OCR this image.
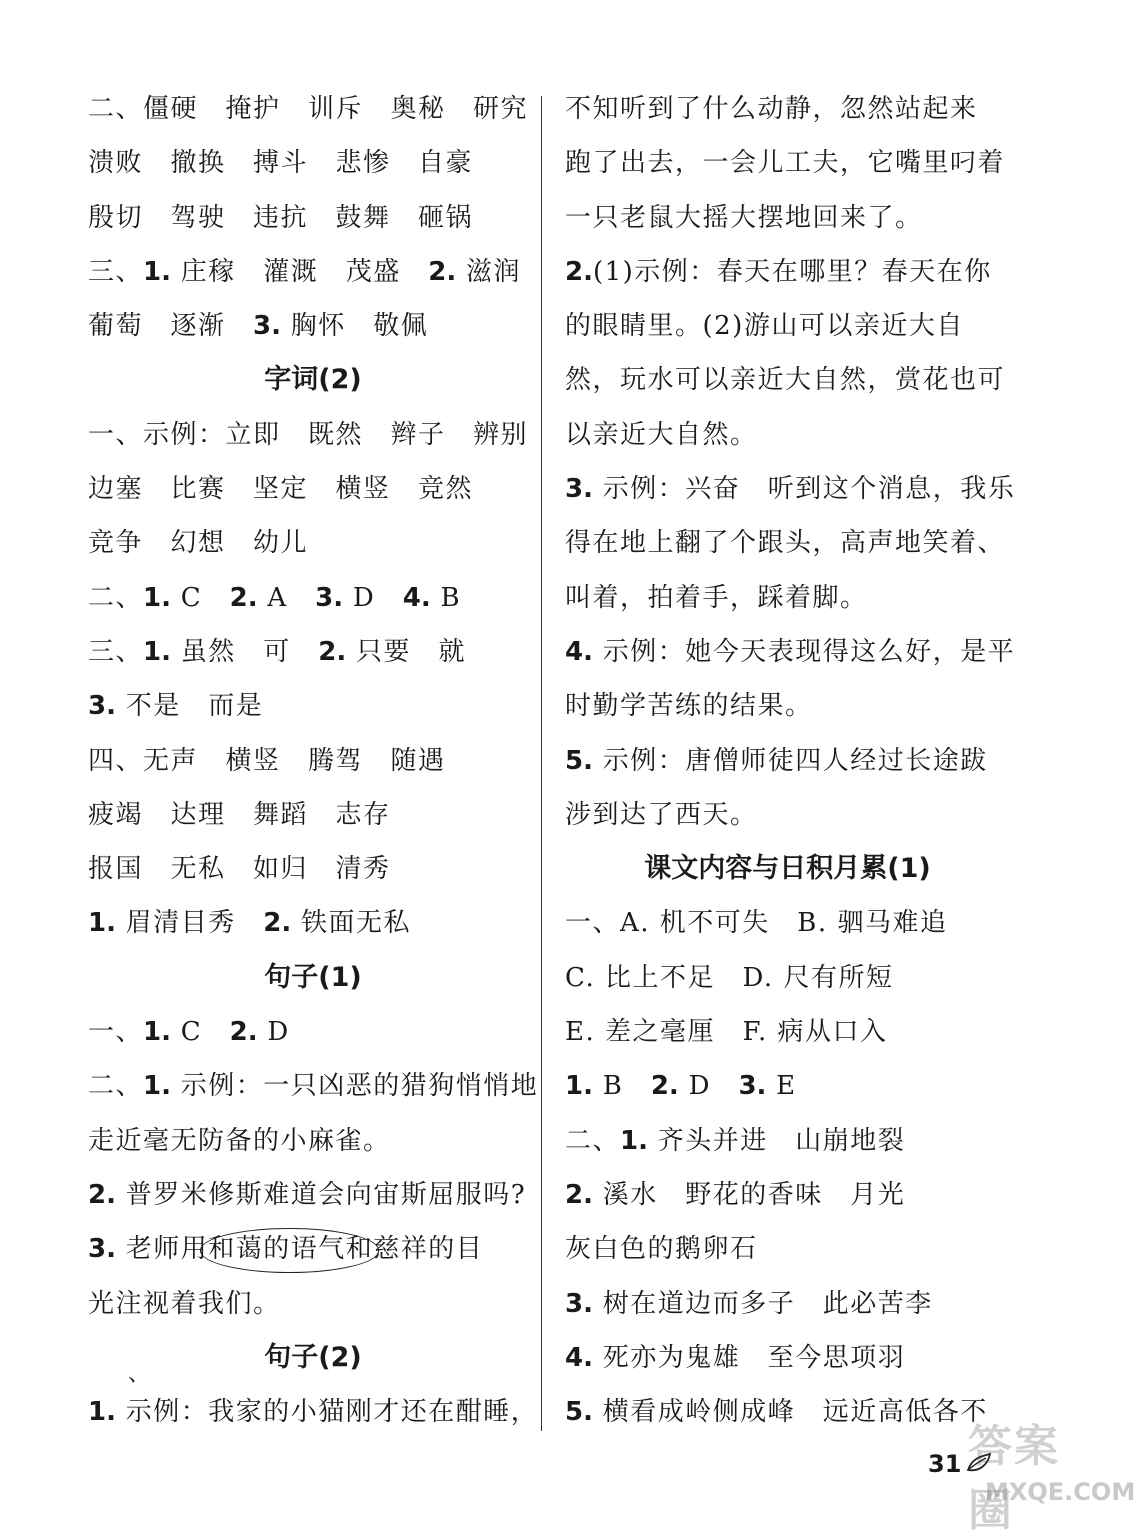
二、僵硬　掩护　训斥　奥秘　研究
溃败　撤换　搏斗　悲惨　自豪
殷切　驾驶　违抗　鼓舞　砸锅
三、1. 庄稼　灌溉　茂盛　2. 滋润
葡萄　逐渐　3. 胸怀　敬佩
字词(2)
一、示例：立即　既然　辫子　辨别
边塞　比赛　坚定　横竖　竞然
竞争　幻想　幼儿
二、1. C　2. A　3. D　4. B
三、1. 虽然　可　2. 只要　就
3. 不是　而是
四、无声　横竖　腾驾　随遇
疲竭　达理　舞蹈　志存
报国　无私　如归　清秀
1. 眉清目秀　2. 铁面无私
句子(1)
一、1. C　2. D
二、1. 示例：一只凶恶的猎狗悄悄地
走近毫无防备的小麻雀。
2. 普罗米修斯难道会向宙斯屈服吗?
3. 老师用
和蔼的语气和慈祥的目
光注视着我们。
句子(2)
1. 示例：我家的小猫刚才还在酣睡，
、
不知听到了什么动静，忽然站起来
跑了出去，一会儿工夫，它嘴里叼着
一只老鼠大摇大摆地回来了。
2.(1)示例：春天在哪里？春天在你
的眼睛里。(2)游山可以亲近大自
然，玩水可以亲近大自然，赏花也可
以亲近大自然。
3. 示例：兴奋　听到这个消息，我乐
得在地上翻了个跟头，高声地笑着、
叫着，拍着手，踩着脚。
4. 示例：她今天表现得这么好，是平
时勤学苦练的结果。
5. 示例：唐僧师徒四人经过长途跋
涉到达了西天。
课文内容与日积月累(1)
一、A. 机不可失　B. 驷马难追
C. 比上不足　D. 尺有所短
E. 差之毫厘　F. 病从口入
1. B　2. D　3. E
二、1. 齐头并进　山崩地裂
2. 溪水　野花的香味　月光
灰白色的鹅卵石
3. 树在道边而多子　此必苦李
4. 死亦为鬼雄　至今思项羽
5. 横看成岭侧成峰　远近高低各不
答案圈
MXQE.COM
31
